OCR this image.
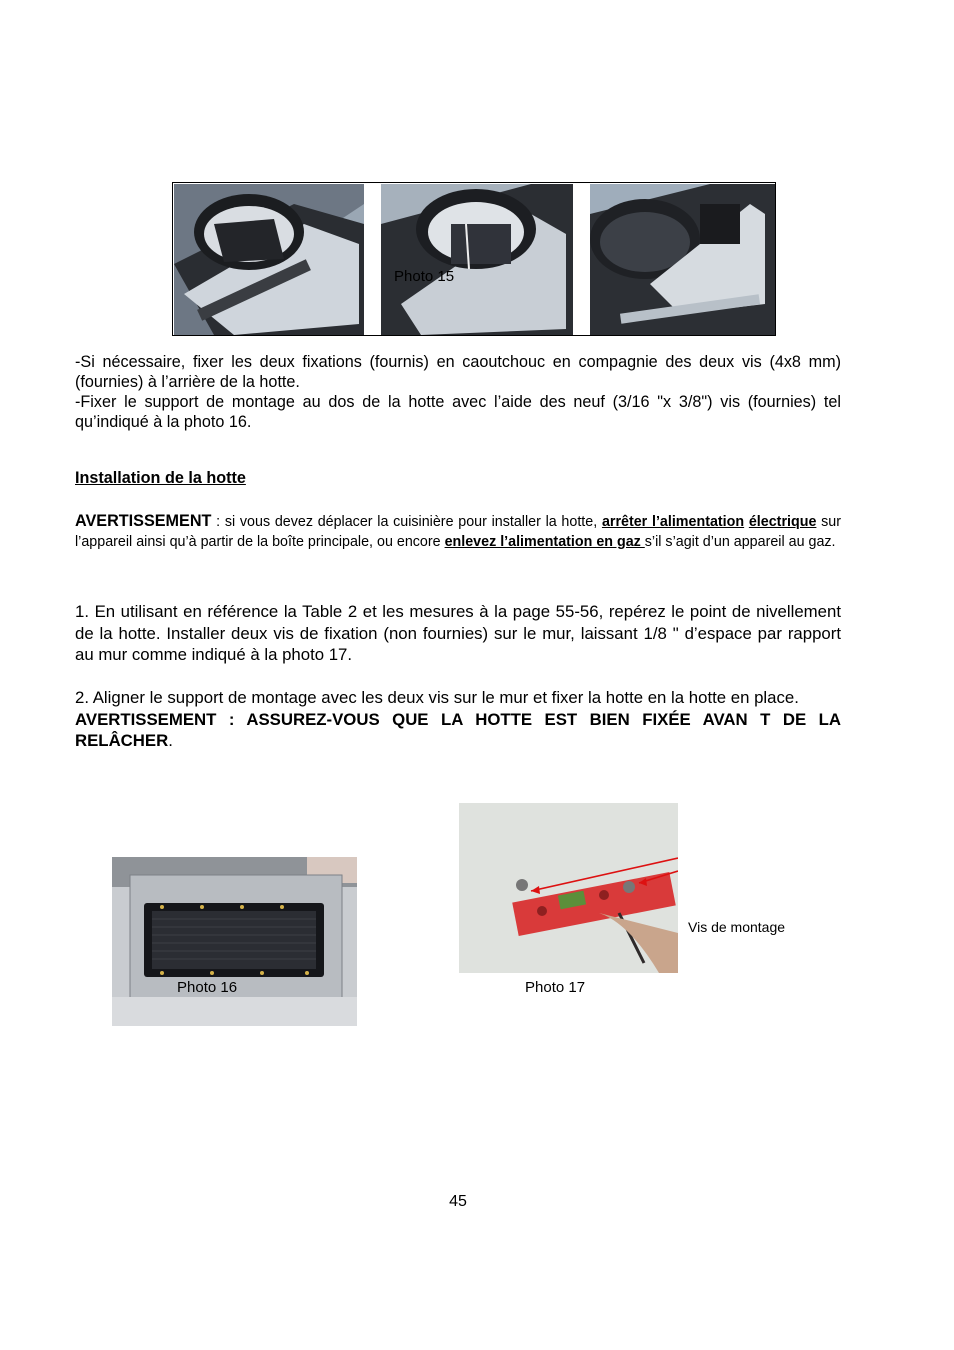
Photo 15
-Si nécessaire, fixer les deux fixations (fournis) en caoutchouc en compagnie des deux vis (4x8 mm) (fournies) à l’arrière de la hotte.
-Fixer le support de montage au dos de la hotte avec l’aide des neuf (3/16 "x 3/8") vis (fournies) tel qu’indiqué à la photo 16.
Installation de la hotte
AVERTISSEMENT : si vous devez déplacer la cuisinière pour installer la hotte, arrêter l’alimentation électrique sur l’appareil ainsi qu’à partir de la boîte principale, ou encore enlevez l’alimentation en gaz s’il s’agit d’un appareil au gaz.
1. En utilisant en référence la Table 2 et les mesures à la page 55-56, repérez le point de nivellement de la hotte. Installer deux vis de fixation (non fournies) sur le mur, laissant 1/8 " d’espace par rapport au mur comme indiqué à la photo 17.
2. Aligner le support de montage avec les deux vis sur le mur et fixer la hotte en la hotte en place.
AVERTISSEMENT : ASSUREZ-VOUS QUE LA HOTTE EST BIEN FIXÉE AVAN T DE LA RELÂCHER.
Photo 16	Photo 17
Vis de montage
45
